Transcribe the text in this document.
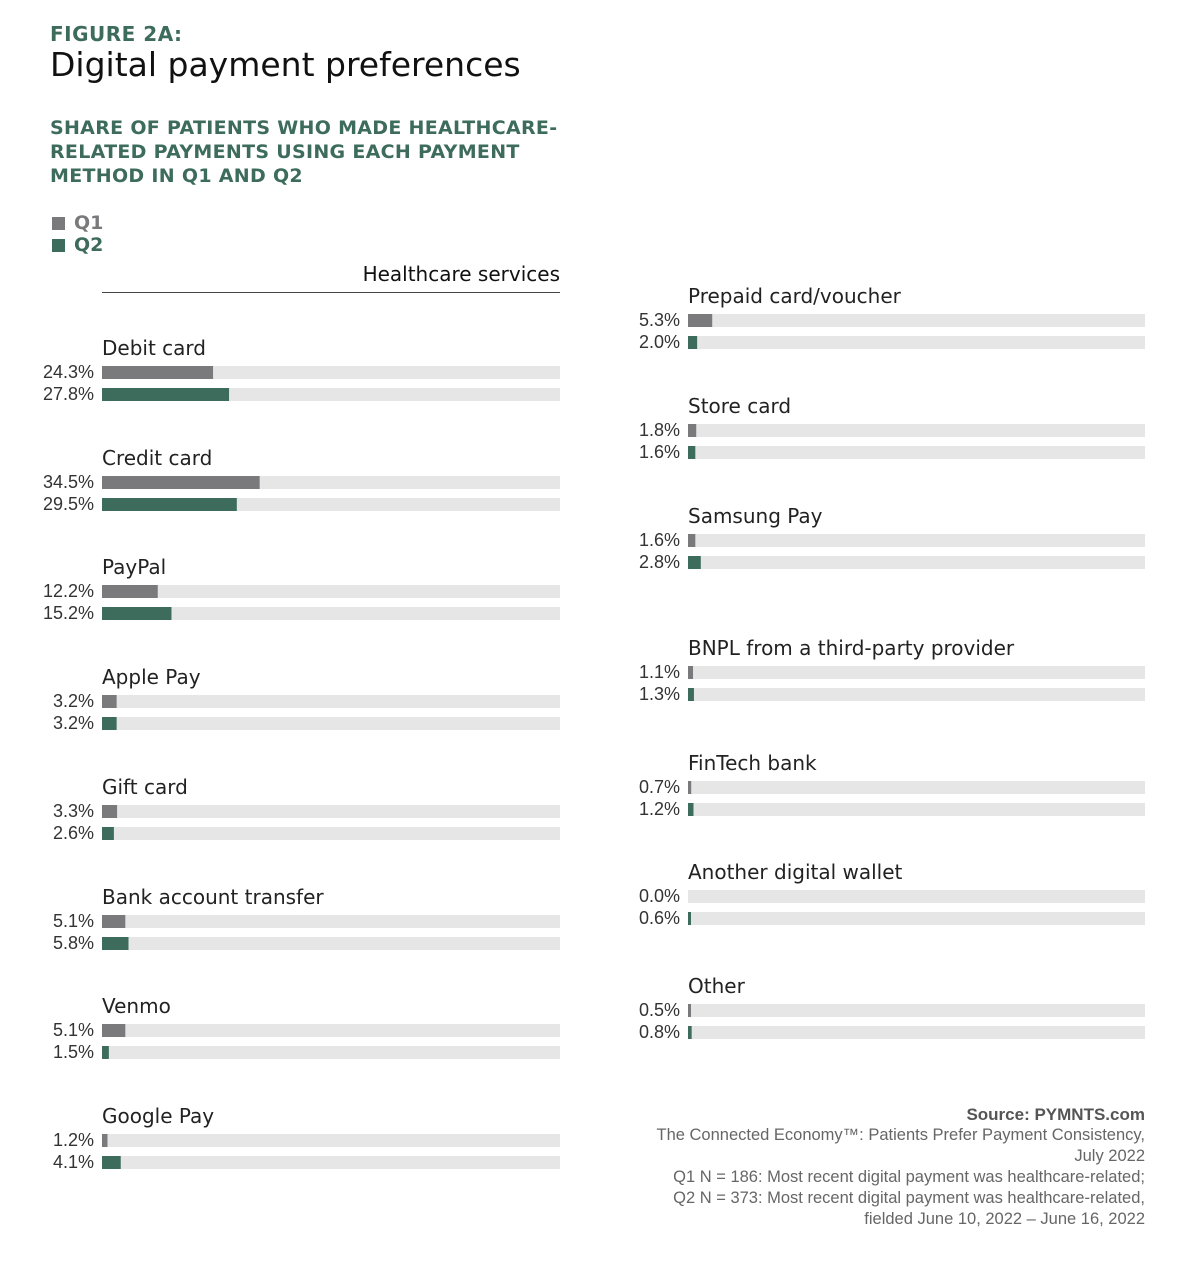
FIGURE 2A:
Digital payment preferences
SHARE OF PATIENTS WHO MADE HEALTHCARE-RELATED PAYMENTS USING EACH PAYMENT METHOD IN Q1 AND Q2
Q1
Q2
Healthcare services
Debit card
24.3%
27.8%
Credit card
34.5%
29.5%
PayPal
12.2%
15.2%
Apple Pay
3.2%
3.2%
Gift card
3.3%
2.6%
Bank account transfer
5.1%
5.8%
Venmo
5.1%
1.5%
Google Pay
1.2%
4.1%
Prepaid card/voucher
5.3%
2.0%
Store card
1.8%
1.6%
Samsung Pay
1.6%
2.8%
BNPL from a third-party provider
1.1%
1.3%
FinTech bank
0.7%
1.2%
Another digital wallet
0.0%
0.6%
Other
0.5%
0.8%
Source: PYMNTS.com
The Connected Economy™: Patients Prefer Payment Consistency,
July 2022
Q1 N = 186: Most recent digital payment was healthcare-related;
Q2 N = 373: Most recent digital payment was healthcare-related,
fielded June 10, 2022 – June 16, 2022
